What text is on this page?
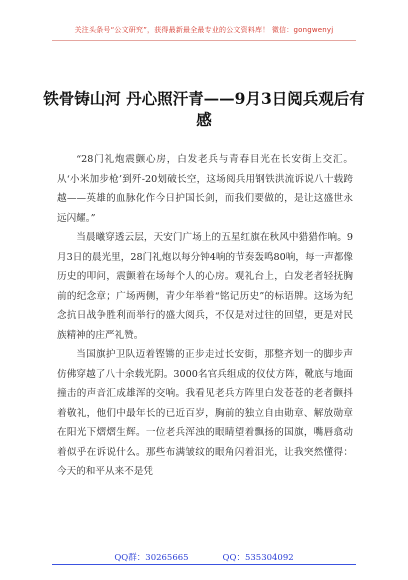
关注头条号“公文研究”，获得最新最全最专业的公文资料库！ 微信：gongwenyj
铁骨铸山河 丹心照汗青——9月3日阅兵观后有感

“28门礼炮震颤心房，白发老兵与青春目光在长安街上交汇。从‘小米加步枪’到歼-20划破长空，这场阅兵用钢铁洪流诉说八十载跨越——英雄的血脉化作今日护国长剑，而我们要做的，是让这盛世永远闪耀。”

当晨曦穿透云层，天安门广场上的五星红旗在秋风中猎猎作响。9月3日的晨光里，28门礼炮以每分钟4响的节奏轰鸣80响，每一声都像历史的叩问，震颤着在场每个人的心房。观礼台上，白发老者轻抚胸前的纪念章；广场两侧，青少年举着“铭记历史”的标语牌。这场为纪念抗日战争胜利而举行的盛大阅兵，不仅是对过往的回望，更是对民族精神的庄严礼赞。

当国旗护卫队迈着铿锵的正步走过长安街，那整齐划一的脚步声仿佛穿越了八十余载光阴。3000名官兵组成的仪仗方阵，靴底与地面撞击的声音汇成雄浑的交响。我看见老兵方阵里白发苍苍的老者颤抖着敬礼，他们中最年长的已近百岁，胸前的独立自由勋章、解放勋章在阳光下熠熠生辉。一位老兵浑浊的眼睛望着飘扬的国旗，嘴唇翕动着似乎在诉说什么。那些布满皱纹的眼角闪着泪光，让我突然懂得：今天的和平从来不是凭

QQ群：30265665	QQ：535304092
